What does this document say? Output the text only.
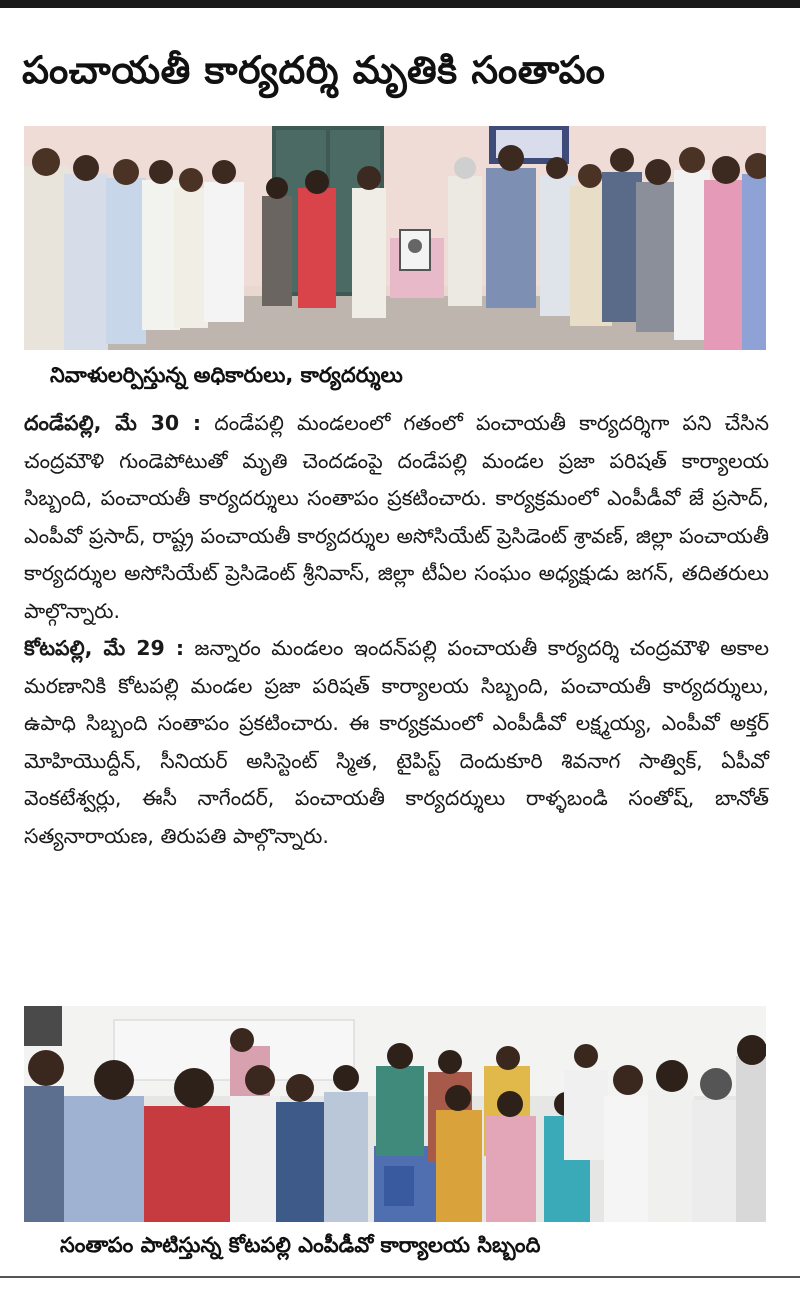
పంచాయతీ కార్యదర్శి మృతికి సంతాపం

నివాళులర్పిస్తున్న అధికారులు, కార్యదర్శులు

దండేపల్లి, మే 30 : దండేపల్లి మండలంలో గతంలో పంచాయతీ కార్యదర్శిగా పని చేసిన చంద్రమౌళి గుండెపోటుతో మృతి చెందడంపై దండేపల్లి మండల ప్రజా పరిషత్ కార్యాలయ సిబ్బంది, పంచాయతీ కార్యదర్శులు సంతాపం ప్రకటించారు. కార్యక్రమంలో ఎంపీడీవో జే ప్రసాద్, ఎంపీవో ప్రసాద్, రాష్ట్ర పంచాయతీ కార్యదర్శుల అసోసియేట్ ప్రెసిడెంట్ శ్రావణ్, జిల్లా పంచాయతీ కార్యదర్శుల అసోసియేట్ ప్రెసిడెంట్ శ్రీనివాస్, జిల్లా టీఏల సంఘం అధ్యక్షుడు జగన్, తదితరులు పాల్గొన్నారు.

కోటపల్లి, మే 29 : జన్నారం మండలం ఇందన్‌పల్లి పంచాయతీ కార్యదర్శి చంద్రమౌళి అకాల మరణానికి కోటపల్లి మండల ప్రజా పరిషత్ కార్యాలయ సిబ్బంది, పంచాయతీ కార్యదర్శులు, ఉపాధి సిబ్బంది సంతాపం ప్రకటించారు. ఈ కార్యక్రమంలో ఎంపీడీవో లక్ష్మయ్య, ఎంపీవో అక్తర్ మోహియొద్దీన్, సీనియర్ అసిస్టెంట్ స్మిత, టైపిస్ట్ దెందుకూరి శివనాగ సాత్విక్, ఏపీవో వెంకటేశ్వర్లు, ఈసీ నాగేందర్, పంచాయతీ కార్యదర్శులు రాళ్ళబండి సంతోష్, బానోత్ సత్యనారాయణ, తిరుపతి పాల్గొన్నారు.

సంతాపం పాటిస్తున్న కోటపల్లి ఎంపీడీవో కార్యాలయ సిబ్బంది
